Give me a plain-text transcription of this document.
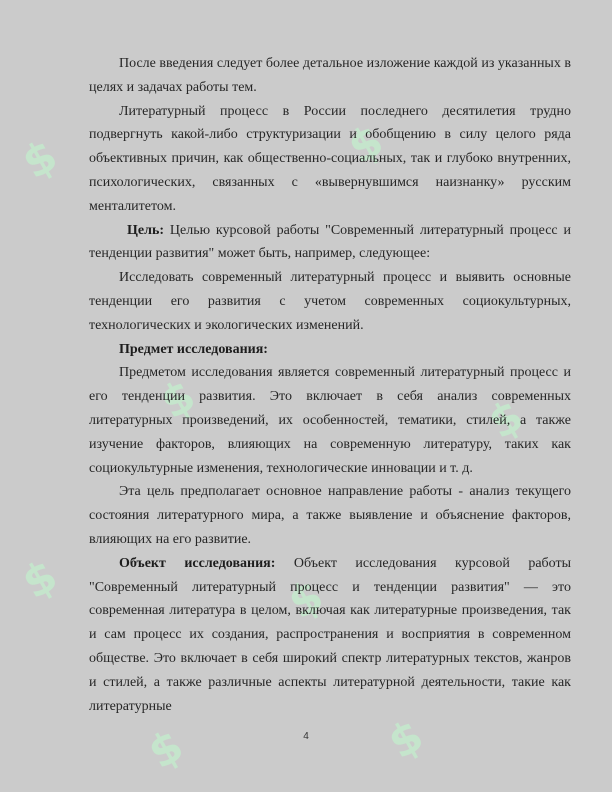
$	$
$	$
$	$
$	$

После введения следует более детальное изложение каждой из указанных в целях и задачах работы тем.

Литературный процесс в России последнего десятилетия трудно подвергнуть какой-либо структуризации и обобщению в силу целого ряда объективных причин, как общественно-социальных, так и глубоко внутренних, психологических, связанных с «вывернувшимся наизнанку» русским менталитетом.

Цель: Целью курсовой работы "Современный литературный процесс и тенденции развития" может быть, например, следующее:

Исследовать современный литературный процесс и выявить основные тенденции его развития с учетом современных социокультурных, технологических и экологических изменений.

Предмет исследования:

Предметом исследования является современный литературный процесс и его тенденции развития. Это включает в себя анализ современных литературных произведений, их особенностей, тематики, стилей, а также изучение факторов, влияющих на современную литературу, таких как социокультурные изменения, технологические инновации и т. д.

Эта цель предполагает основное направление работы - анализ текущего состояния литературного мира, а также выявление и объяснение факторов, влияющих на его развитие.

Объект исследования: Объект исследования курсовой работы "Современный литературный процесс и тенденции развития" — это современная литература в целом, включая как литературные произведения, так и сам процесс их создания, распространения и восприятия в современном обществе. Это включает в себя широкий спектр литературных текстов, жанров и стилей, а также различные аспекты литературной деятельности, такие как литературные

4
